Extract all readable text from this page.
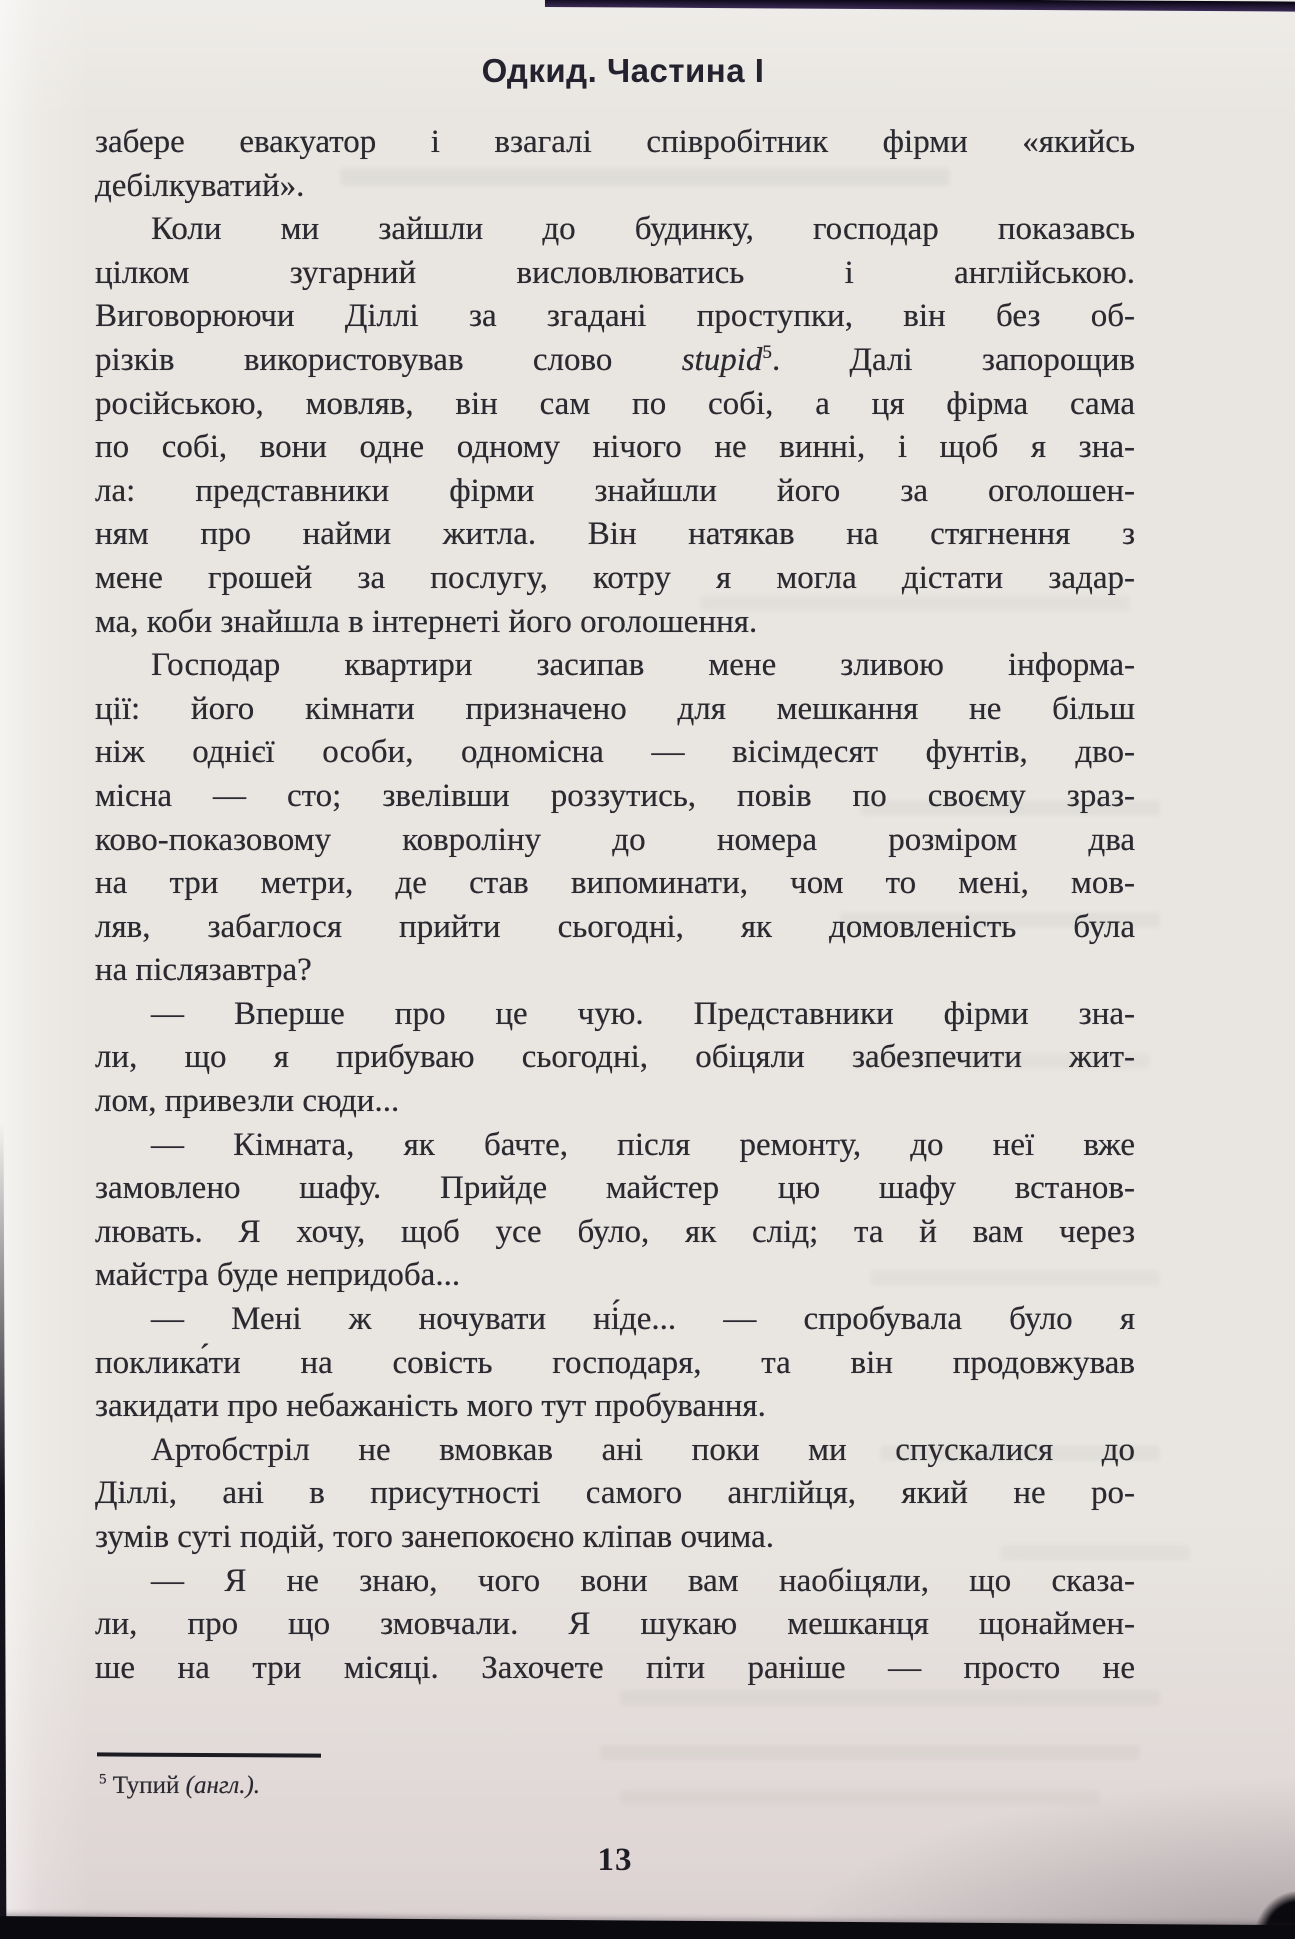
Одкид. Частина I
забере евакуатор і взагалі співробітник фірми «якийсь
дебілкуватий».
Коли ми зайшли до будинку, господар показавсь
цілком зугарний висловлюватись і англійською.
Виговорюючи Діллі за згадані проступки, він без об-
різків використовував слово stupid$^5$. Далі запорощив
російською, мовляв, він сам по собі, а ця фірма сама
по собі, вони одне одному нічого не винні, і щоб я зна-
ла: представники фірми знайшли його за оголошен-
ням про найми житла. Він натякав на стягнення з
мене грошей за послугу, котру я могла дістати задар-
ма, коби знайшла в інтернеті його оголошення.
Господар квартири засипав мене зливою інформа-
ції: його кімнати призначено для мешкання не більш
ніж однієї особи, одномісна — вісімдесят фунтів, дво-
місна — сто; звелівши роззутись, повів по своєму зраз-
ково-показовому ковроліну до номера розміром два
на три метри, де став випоминати, чом то мені, мов-
ляв, забаглося прийти сьогодні, як домовленість була
на післязавтра?
— Вперше про це чую. Представники фірми зна-
ли, що я прибуваю сьогодні, обіцяли забезпечити жит-
лом, привезли сюди...
— Кімната, як бачте, після ремонту, до неї вже
замовлено шафу. Прийде майстер цю шафу встанов-
лювать. Я хочу, щоб усе було, як слід; та й вам через
майстра буде непридоба...
— Мені ж ночувати ні́де... — спробувала було я
поклика́ти на совість господаря, та він продовжував
закидати про небажаність мого тут пробування.
Артобстріл не вмовкав ані поки ми спускалися до
Діллі, ані в присутності самого англійця, який не ро-
зумів суті подій, того занепокоєно кліпав очима.
— Я не знаю, чого вони вам наобіцяли, що сказа-
ли, про що змовчали. Я шукаю мешканця щонаймен-
ше на три місяці. Захочете піти раніше — просто не
$^5$ Тупий (англ.).
13
